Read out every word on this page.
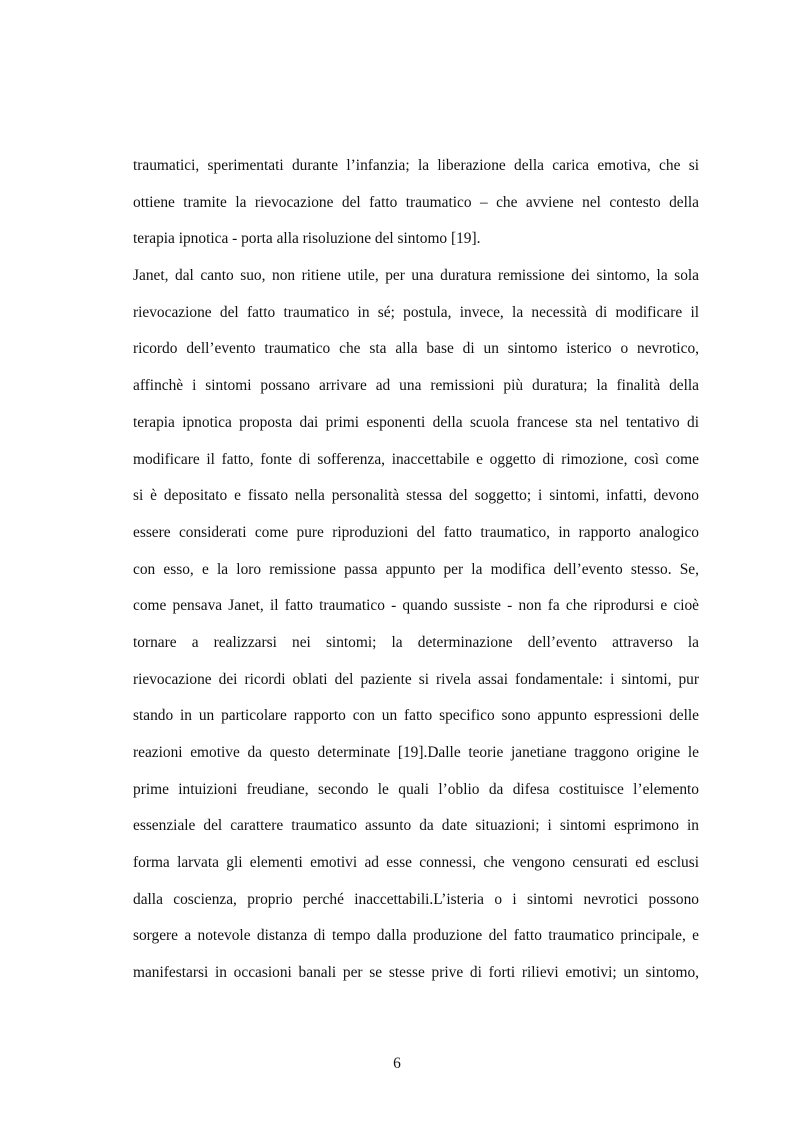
traumatici, sperimentati durante l’infanzia; la liberazione della carica emotiva, che si
ottiene tramite la rievocazione del fatto traumatico – che avviene nel contesto della
terapia ipnotica - porta alla risoluzione del sintomo [19].
Janet, dal canto suo, non ritiene utile, per una duratura remissione dei sintomo, la sola
rievocazione del fatto traumatico in sé; postula, invece, la necessità di modificare il
ricordo dell’evento traumatico che sta alla base di un sintomo isterico o nevrotico,
affinchè i sintomi possano arrivare ad una remissioni più duratura; la finalità della
terapia ipnotica proposta dai primi esponenti della scuola francese sta nel tentativo di
modificare il fatto, fonte di sofferenza, inaccettabile e oggetto di rimozione, così come
si è depositato e fissato nella personalità stessa del soggetto; i sintomi, infatti, devono
essere considerati come pure riproduzioni del fatto traumatico, in rapporto analogico
con esso, e la loro remissione passa appunto per la modifica dell’evento stesso. Se,
come pensava Janet, il fatto traumatico - quando sussiste - non fa che riprodursi e cioè
tornare a realizzarsi nei sintomi; la determinazione dell’evento attraverso la
rievocazione dei ricordi oblati del paziente si rivela assai fondamentale: i sintomi, pur
stando in un particolare rapporto con un fatto specifico sono appunto espressioni delle
reazioni emotive da questo determinate [19].Dalle teorie janetiane traggono origine le
prime intuizioni freudiane, secondo le quali l’oblio da difesa costituisce l’elemento
essenziale del carattere traumatico assunto da date situazioni; i sintomi esprimono in
forma larvata gli elementi emotivi ad esse connessi, che vengono censurati ed esclusi
dalla coscienza, proprio perché inaccettabili.L’isteria o i sintomi nevrotici possono
sorgere a notevole distanza di tempo dalla produzione del fatto traumatico principale, e
manifestarsi in occasioni banali per se stesse prive di forti rilievi emotivi; un sintomo,
6
